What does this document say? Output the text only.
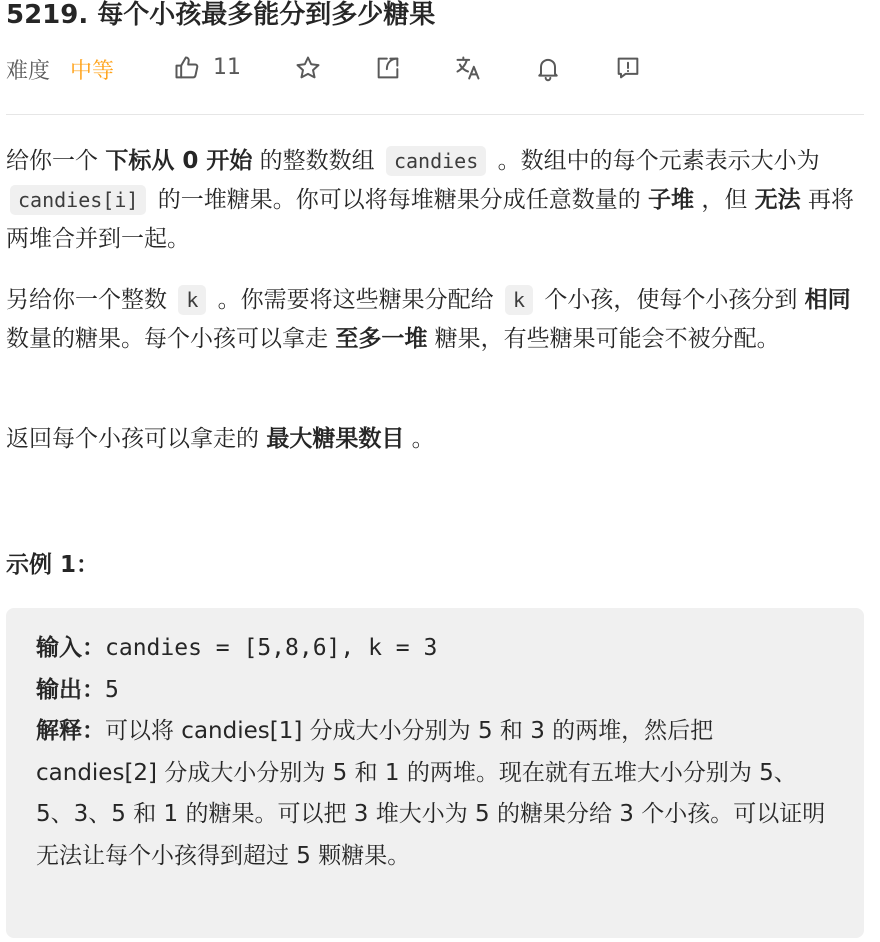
5219. 每个小孩最多能分到多少糖果
难度 中等	11
给你一个 下标从 0 开始 的整数数组 candies 。数组中的每个元素表示大小为 candies[i] 的一堆糖果。你可以将每堆糖果分成任意数量的 子堆 ，但 无法 再将两堆合并到一起。
另给你一个整数 k 。你需要将这些糖果分配给 k 个小孩，使每个小孩分到 相同 数量的糖果。每个小孩可以拿走 至多一堆 糖果，有些糖果可能会不被分配。
返回每个小孩可以拿走的 最大糖果数目 。
示例 1：
输入：candies = [5,8,6], k = 3
输出：5
解释：可以将 candies[1] 分成大小分别为 5 和 3 的两堆，然后把 candies[2] 分成大小分别为 5 和 1 的两堆。现在就有五堆大小分别为 5、5、3、5 和 1 的糖果。可以把 3 堆大小为 5 的糖果分给 3 个小孩。可以证明无法让每个小孩得到超过 5 颗糖果。
